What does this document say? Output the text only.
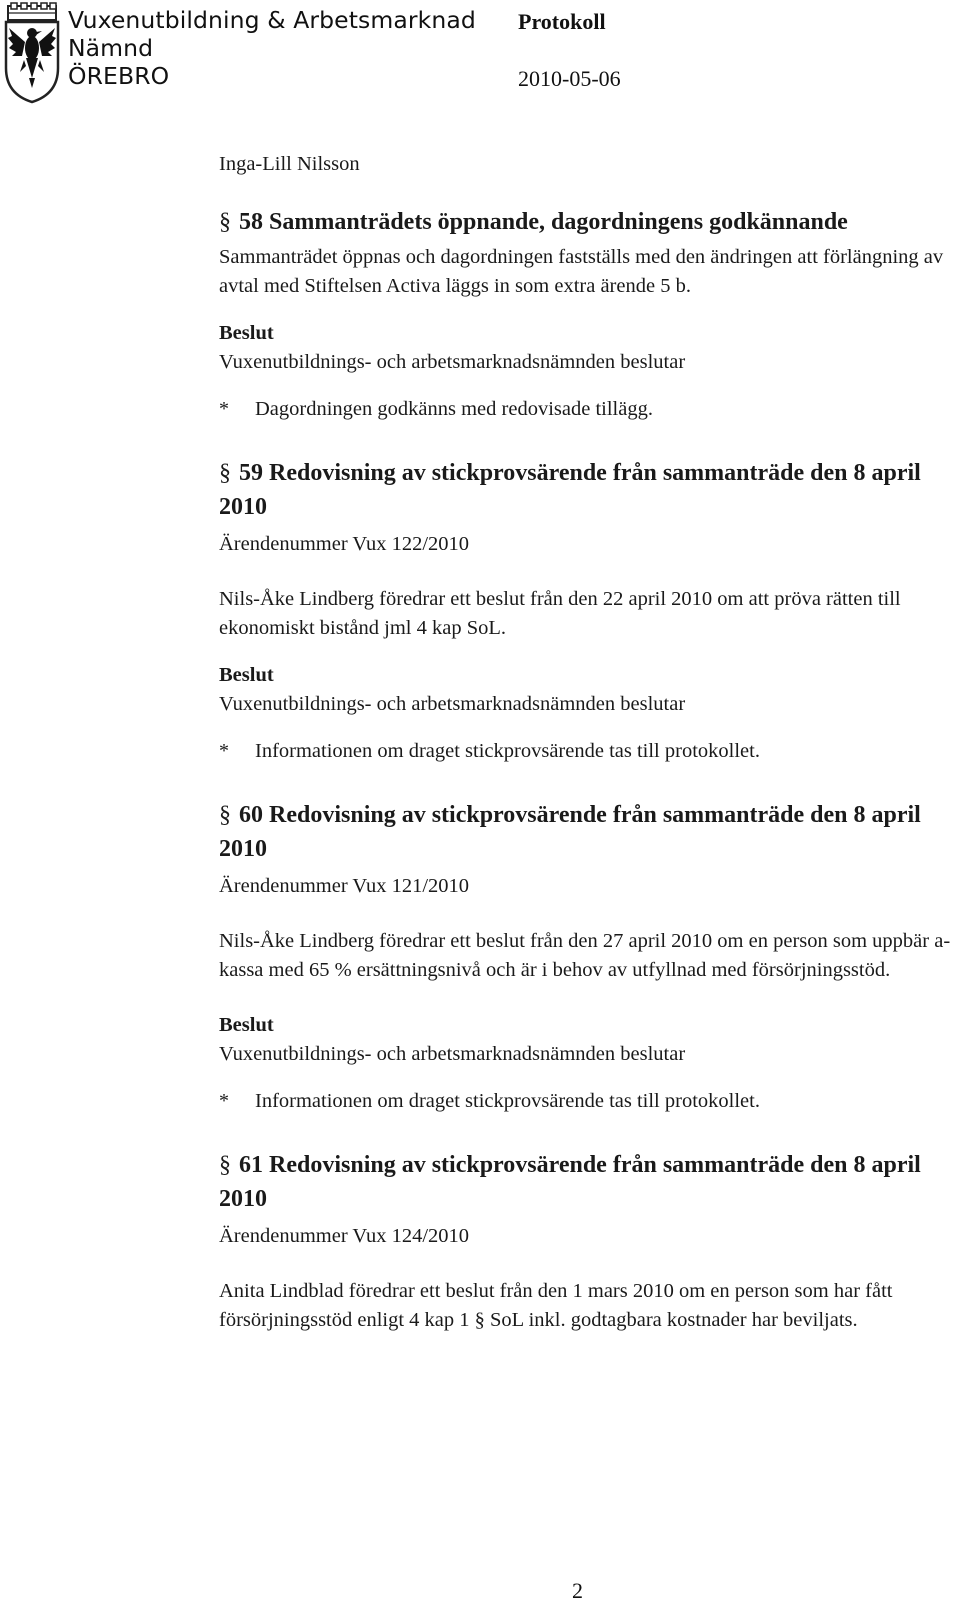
Vuxenutbildning & Arbetsmarknad
Nämnd
ÖREBRO
Protokoll
2010-05-06

Inga-Lill Nilsson

§ 58 Sammanträdets öppnande, dagordningens godkännande

Sammanträdet öppnas och dagordningen fastställs med den ändringen att förlängning av avtal med Stiftelsen Activa läggs in som extra ärende 5 b.

Beslut

Vuxenutbildnings- och arbetsmarknadsnämnden beslutar

* Dagordningen godkänns med redovisade tillägg.

§ 59 Redovisning av stickprovsärende från sammanträde den 8 april 2010

Ärendenummer Vux 122/2010

Nils-Åke Lindberg föredrar ett beslut från den 22 april 2010 om att pröva rätten till ekonomiskt bistånd jml 4 kap SoL.

Beslut

Vuxenutbildnings- och arbetsmarknadsnämnden beslutar

* Informationen om draget stickprovsärende tas till protokollet.

§ 60 Redovisning av stickprovsärende från sammanträde den 8 april 2010

Ärendenummer Vux 121/2010

Nils-Åke Lindberg föredrar ett beslut från den 27 april 2010 om en person som uppbär a-kassa med 65 % ersättningsnivå och är i behov av utfyllnad med försörjningsstöd.

Beslut

Vuxenutbildnings- och arbetsmarknadsnämnden beslutar

* Informationen om draget stickprovsärende tas till protokollet.

§ 61 Redovisning av stickprovsärende från sammanträde den 8 april 2010

Ärendenummer Vux 124/2010

Anita Lindblad föredrar ett beslut från den 1 mars 2010 om en person som har fått försörjningsstöd enligt 4 kap 1 § SoL inkl. godtagbara kostnader har beviljats.

2
